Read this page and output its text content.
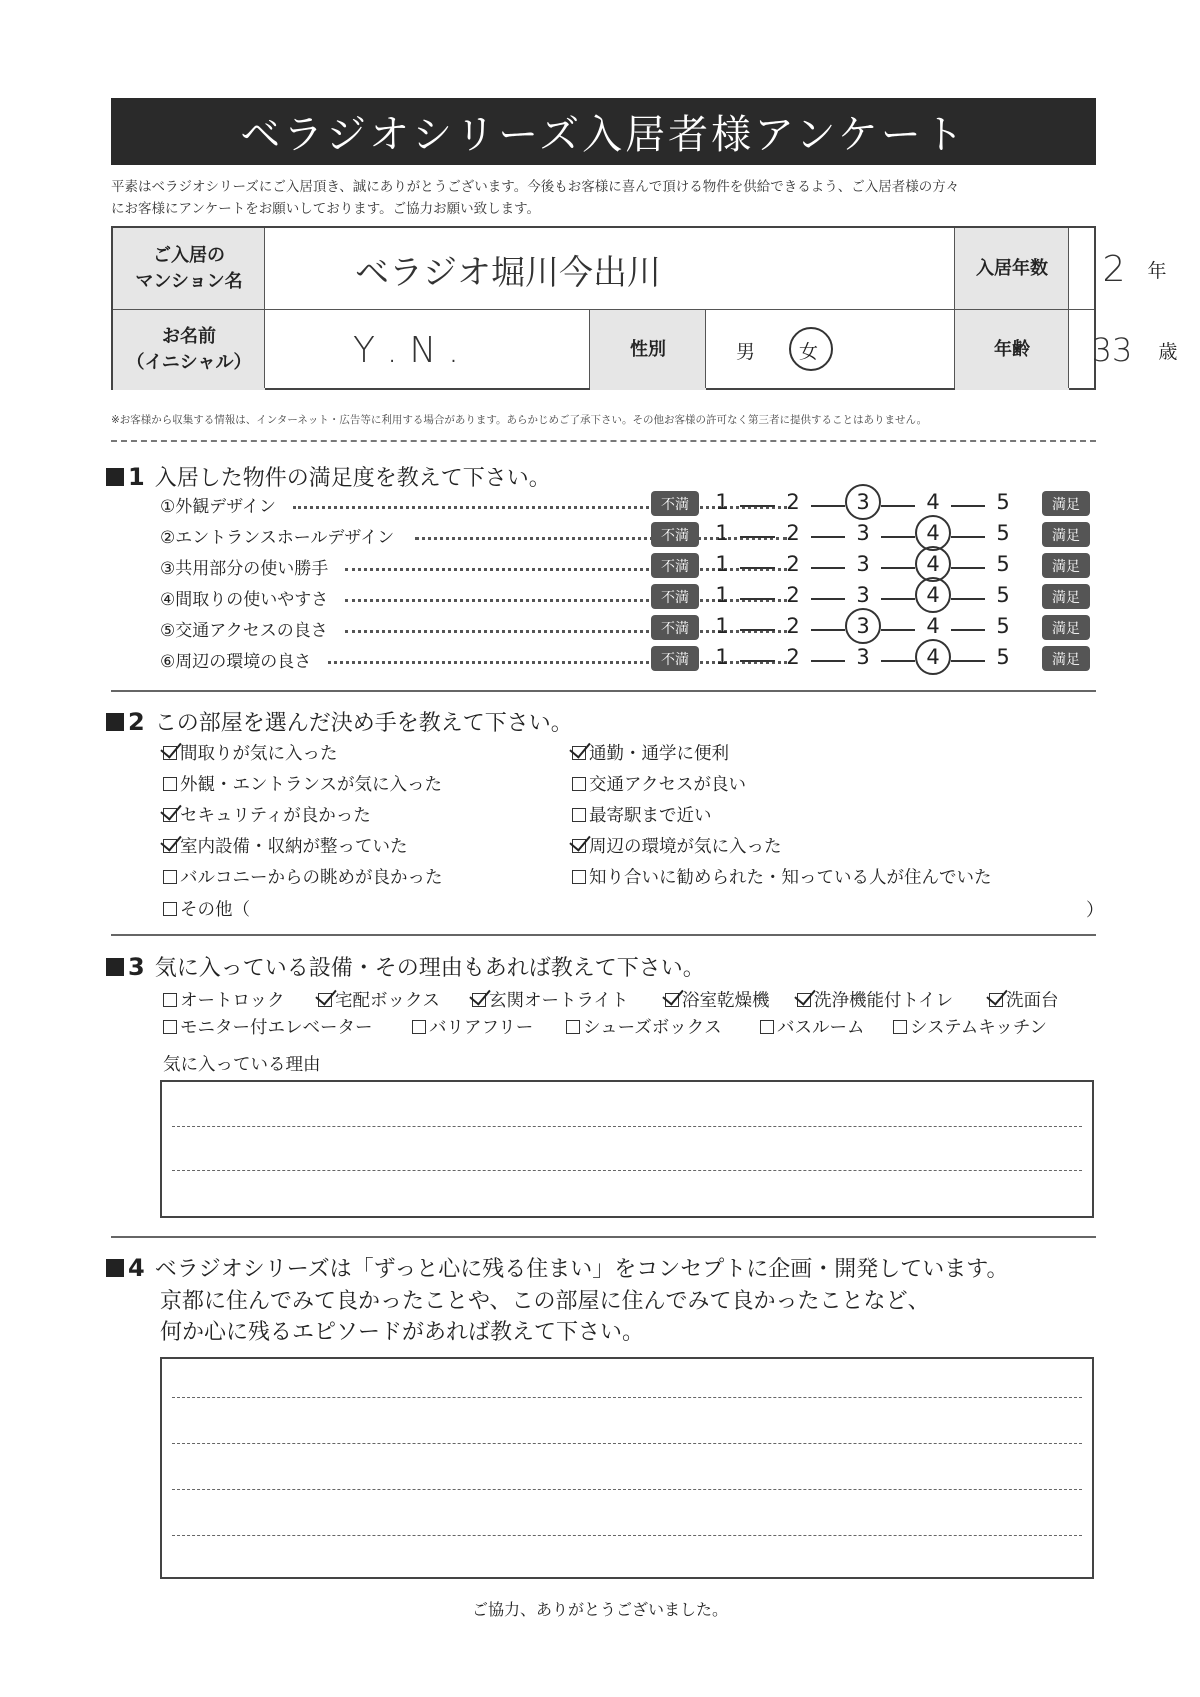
ベラジオシリーズ入居者様アンケート
平素はベラジオシリーズにご入居頂き、誠にありがとうございます。今後もお客様に喜んで頂ける物件を供給できるよう、ご入居者様の方々
にお客様にアンケートをお願いしております。ご協力お願い致します。
ご入居の
マンション名	ベラジオ堀川今出川	入居年数	2 年
お名前
（イニシャル）	Y . N .	性別	男 女	年齢	33 歳
※お客様から収集する情報は、インターネット・広告等に利用する場合があります。あらかじめご了承下さい。その他お客様の許可なく第三者に提供することはありません。
1 入居した物件の満足度を教えて下さい。
①外観デザイン	不満	1	2	3	4	5	満足
②エントランスホールデザイン	不満	1	2	3	4	5	満足
③共用部分の使い勝手	不満	1	2	3	4	5	満足
④間取りの使いやすさ	不満	1	2	3	4	5	満足
⑤交通アクセスの良さ	不満	1	2	3	4	5	満足
⑥周辺の環境の良さ	不満	1	2	3	4	5	満足
2 この部屋を選んだ決め手を教えて下さい。
間取りが気に入った
外観・エントランスが気に入った
セキュリティが良かった
室内設備・収納が整っていた
バルコニーからの眺めが良かった
通勤・通学に便利
交通アクセスが良い
最寄駅まで近い
周辺の環境が気に入った
知り合いに勧められた・知っている人が住んでいた
その他（	）
3 気に入っている設備・その理由もあれば教えて下さい。
オートロック	宅配ボックス	玄関オートライト	浴室乾燥機	洗浄機能付トイレ	洗面台
モニター付エレベーター	バリアフリー	シューズボックス	バスルーム	システムキッチン
気に入っている理由
4 ベラジオシリーズは「ずっと心に残る住まい」をコンセプトに企画・開発しています。
京都に住んでみて良かったことや、この部屋に住んでみて良かったことなど、
何か心に残るエピソードがあれば教えて下さい。
ご協力、ありがとうございました。
